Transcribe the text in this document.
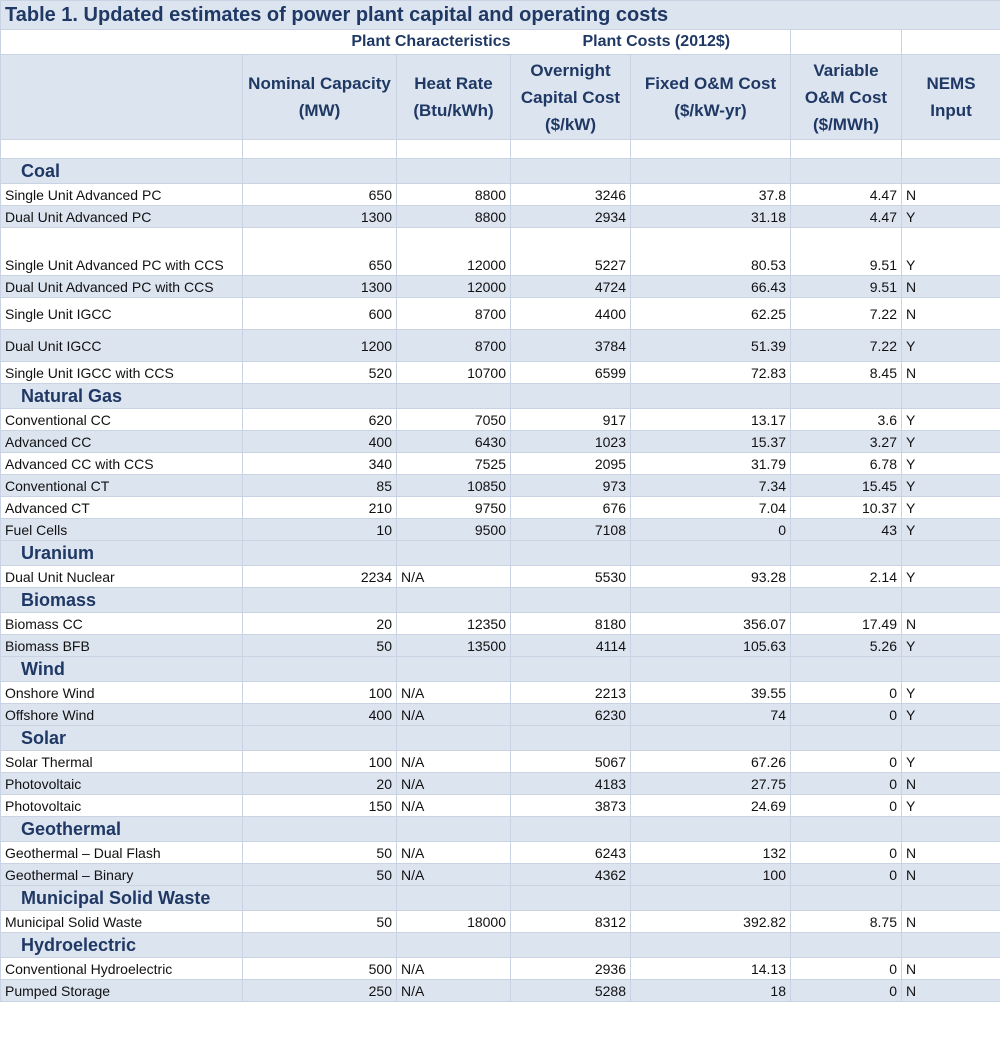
Table 1. Updated estimates of power plant capital and operating costs						
	Plant Characteristics		Plant Costs (2012$)			
	Nominal Capacity (MW)	Heat Rate (Btu/kWh)	Overnight Capital Cost ($/kW)	Fixed O&M Cost ($/kW-yr)	Variable O&M Cost ($/MWh)	NEMS Input

Coal						
Single Unit Advanced PC	650	8800	3246	37.8	4.47	N
Dual Unit Advanced PC	1300	8800	2934	31.18	4.47	Y
Single Unit Advanced PC with CCS	650	12000	5227	80.53	9.51	Y
Dual Unit Advanced PC with CCS	1300	12000	4724	66.43	9.51	N
Single Unit IGCC	600	8700	4400	62.25	7.22	N
Dual Unit IGCC	1200	8700	3784	51.39	7.22	Y
Single Unit IGCC with CCS	520	10700	6599	72.83	8.45	N
Natural Gas						
Conventional CC	620	7050	917	13.17	3.6	Y
Advanced CC	400	6430	1023	15.37	3.27	Y
Advanced CC with CCS	340	7525	2095	31.79	6.78	Y
Conventional CT	85	10850	973	7.34	15.45	Y
Advanced CT	210	9750	676	7.04	10.37	Y
Fuel Cells	10	9500	7108	0	43	Y
Uranium						
Dual Unit Nuclear	2234	N/A	5530	93.28	2.14	Y
Biomass						
Biomass CC	20	12350	8180	356.07	17.49	N
Biomass BFB	50	13500	4114	105.63	5.26	Y
Wind						
Onshore Wind	100	N/A	2213	39.55	0	Y
Offshore Wind	400	N/A	6230	74	0	Y
Solar						
Solar Thermal	100	N/A	5067	67.26	0	Y
Photovoltaic	20	N/A	4183	27.75	0	N
Photovoltaic	150	N/A	3873	24.69	0	Y
Geothermal						
Geothermal – Dual Flash	50	N/A	6243	132	0	N
Geothermal – Binary	50	N/A	4362	100	0	N
Municipal Solid Waste						
Municipal Solid Waste	50	18000	8312	392.82	8.75	N
Hydroelectric						
Conventional Hydroelectric	500	N/A	2936	14.13	0	N
Pumped Storage	250	N/A	5288	18	0	N
